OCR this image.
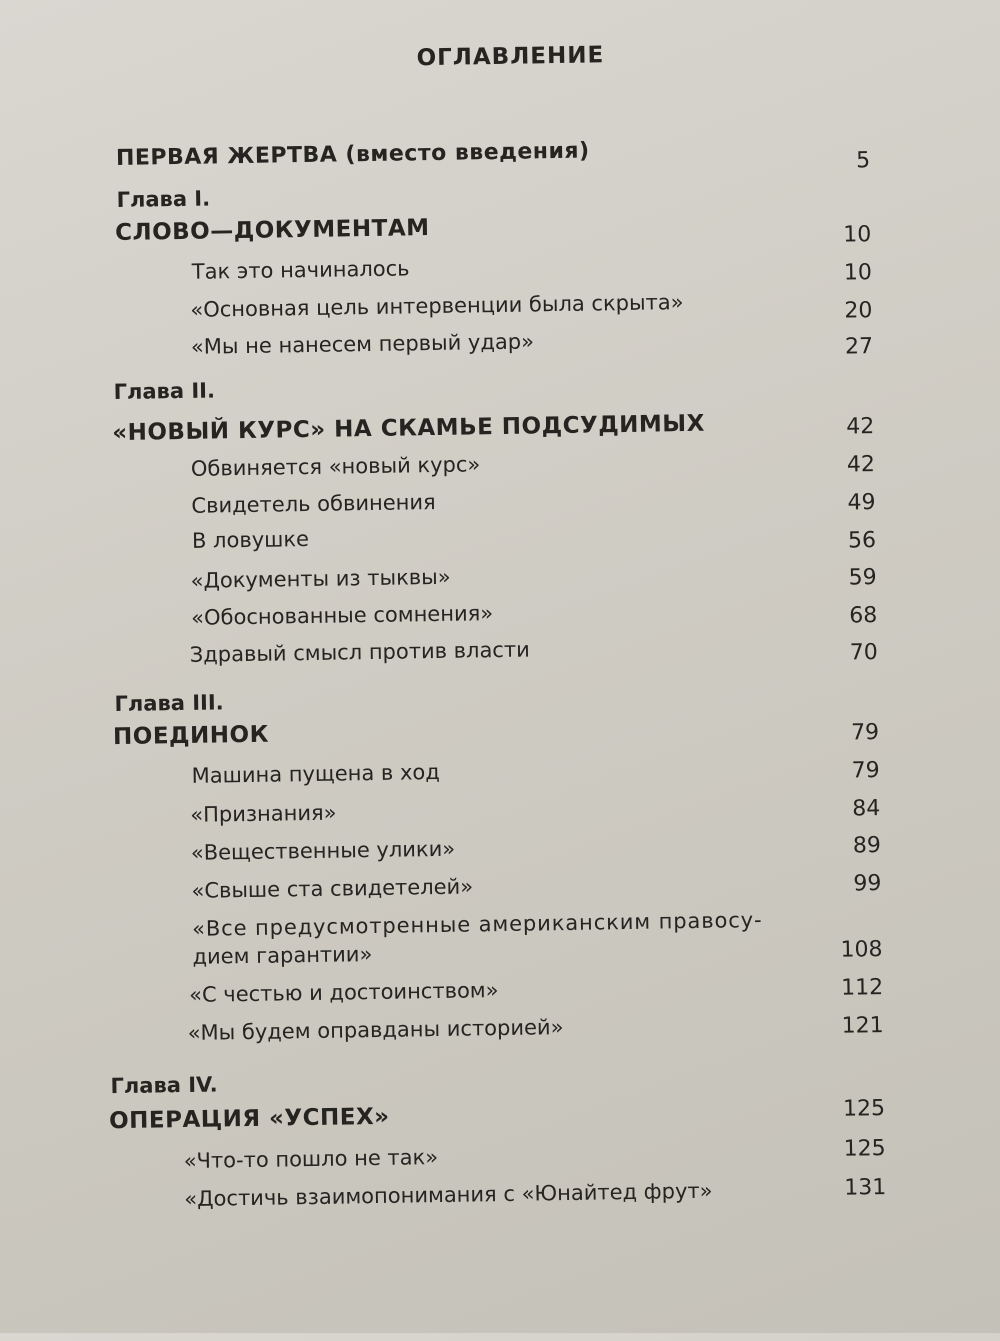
ОГЛАВЛЕНИЕ
ПЕРВАЯ ЖЕРТВА (вместо введения)	5
Глава I.
СЛОВО—ДОКУМЕНТАМ	10
Так это начиналось	10
«Основная цель интервенции была скрыта»	20
«Мы не нанесем первый удар»	27
Глава II.
«НОВЫЙ КУРС» НА СКАМЬЕ ПОДСУДИМЫХ	42
Обвиняется «новый курс»	42
Свидетель обвинения	49
В ловушке	56
«Документы из тыквы»	59
«Обоснованные сомнения»	68
Здравый смысл против власти	70
Глава III.
ПОЕДИНОК	79
Машина пущена в ход	79
«Признания»	84
«Вещественные улики»	89
«Свыше ста свидетелей»	99
«Все предусмотренные американским правосу-
дием гарантии»	108
«С честью и достоинством»	112
«Мы будем оправданы историей»	121
Глава IV.
ОПЕРАЦИЯ «УСПЕХ»	125
«Что-то пошло не так»	125
«Достичь взаимопонимания с «Юнайтед фрут»	131
